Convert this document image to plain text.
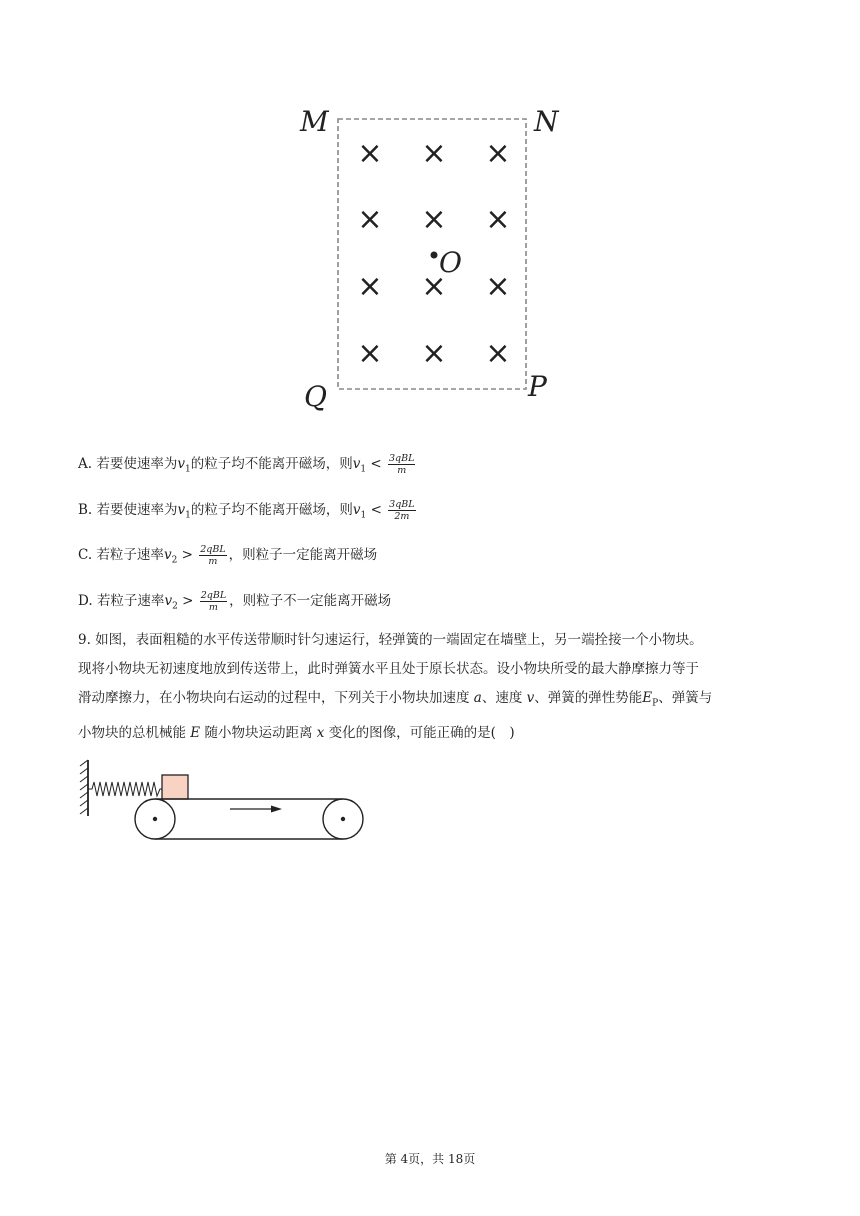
M	N
Q	P
× × ×
× × ×
× × ×
× × ×
O
A. 若要使速率为$v_1$的粒子均不能离开磁场，则$v_1 < \frac{\text{3qBL}}{m}$
B. 若要使速率为$v_1$的粒子均不能离开磁场，则$v_1 < \frac{\text{3qBL}}{2m}$
C. 若粒子速率$v_2 > \frac{\text{2qBL}}{m}$ ，则粒子一定能离开磁场
D. 若粒子速率$v_2 > \frac{\text{2qBL}}{m}$ ，则粒子不一定能离开磁场
9. 如图，表面粗糙的水平传送带顺时针匀速运行，轻弹簧的一端固定在墙壁上，另一端拴接一个小物块。
现将小物块无初速度地放到传送带上，此时弹簧水平且处于原长状态。设小物块所受的最大静摩擦力等于
滑动摩擦力，在小物块向右运动的过程中，下列关于小物块加速度 a、速度 v、弹簧的弹性势能$E_P$、弹簧与
小物块的总机械能 E 随小物块运动距离 x 变化的图像，可能正确的是(　)
第 4页，共 18页
